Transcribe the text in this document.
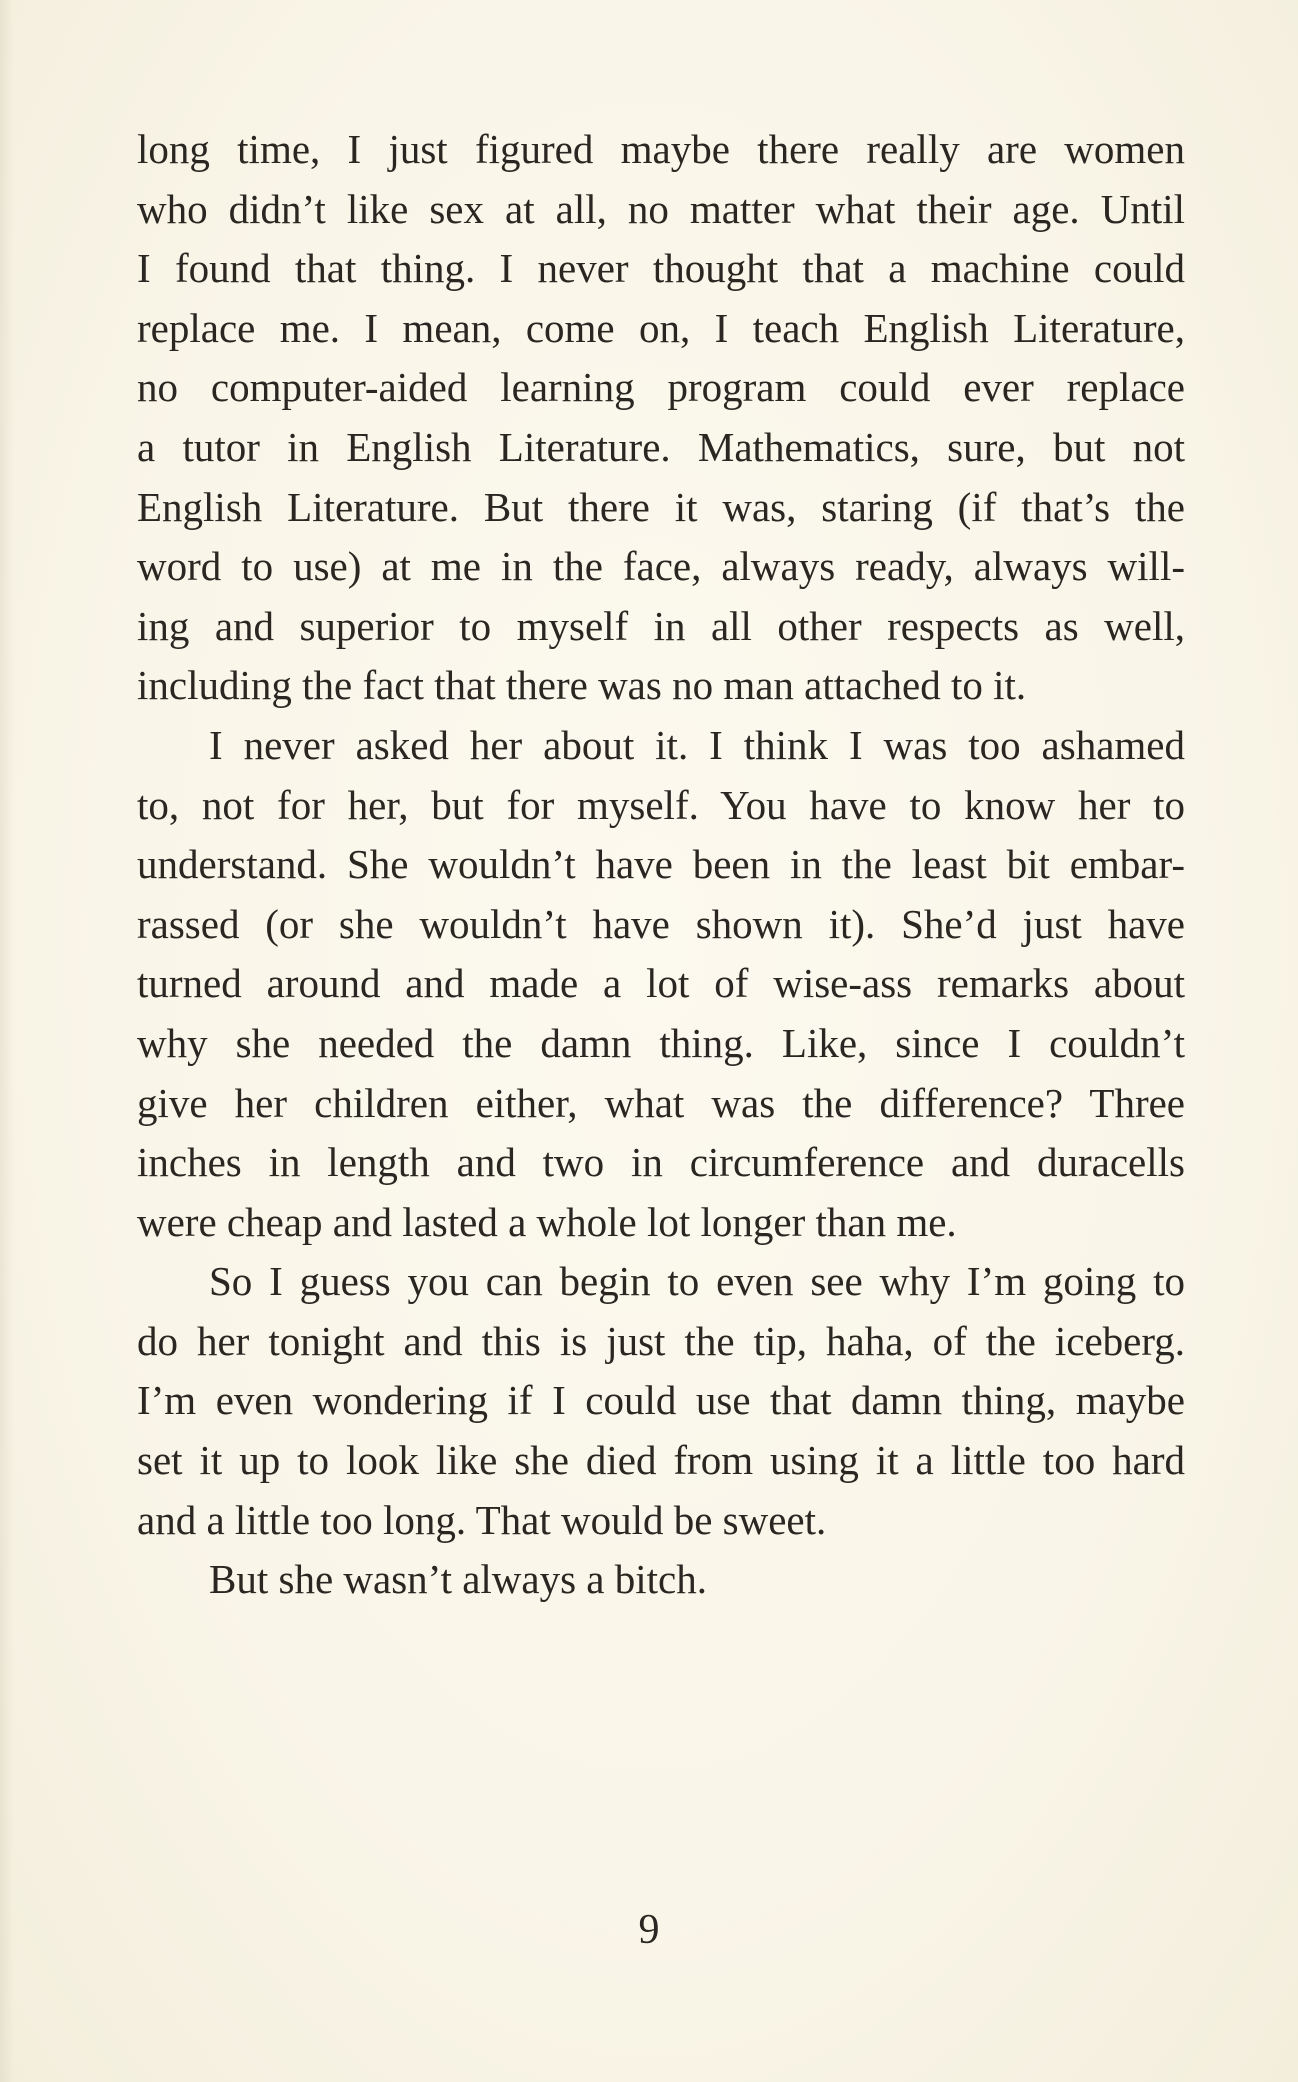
long time, I just figured maybe there really are women
who didn’t like sex at all, no matter what their age. Until
I found that thing. I never thought that a machine could
replace me. I mean, come on, I teach English Literature,
no computer-aided learning program could ever replace
a tutor in English Literature. Mathematics, sure, but not
English Literature. But there it was, staring (if that’s the
word to use) at me in the face, always ready, always will-
ing and superior to myself in all other respects as well,
including the fact that there was no man attached to it.
I never asked her about it. I think I was too ashamed
to, not for her, but for myself. You have to know her to
understand. She wouldn’t have been in the least bit embar-
rassed (or she wouldn’t have shown it). She’d just have
turned around and made a lot of wise-ass remarks about
why she needed the damn thing. Like, since I couldn’t
give her children either, what was the difference? Three
inches in length and two in circumference and duracells
were cheap and lasted a whole lot longer than me.
So I guess you can begin to even see why I’m going to
do her tonight and this is just the tip, haha, of the iceberg.
I’m even wondering if I could use that damn thing, maybe
set it up to look like she died from using it a little too hard
and a little too long. That would be sweet.
But she wasn’t always a bitch.
9
